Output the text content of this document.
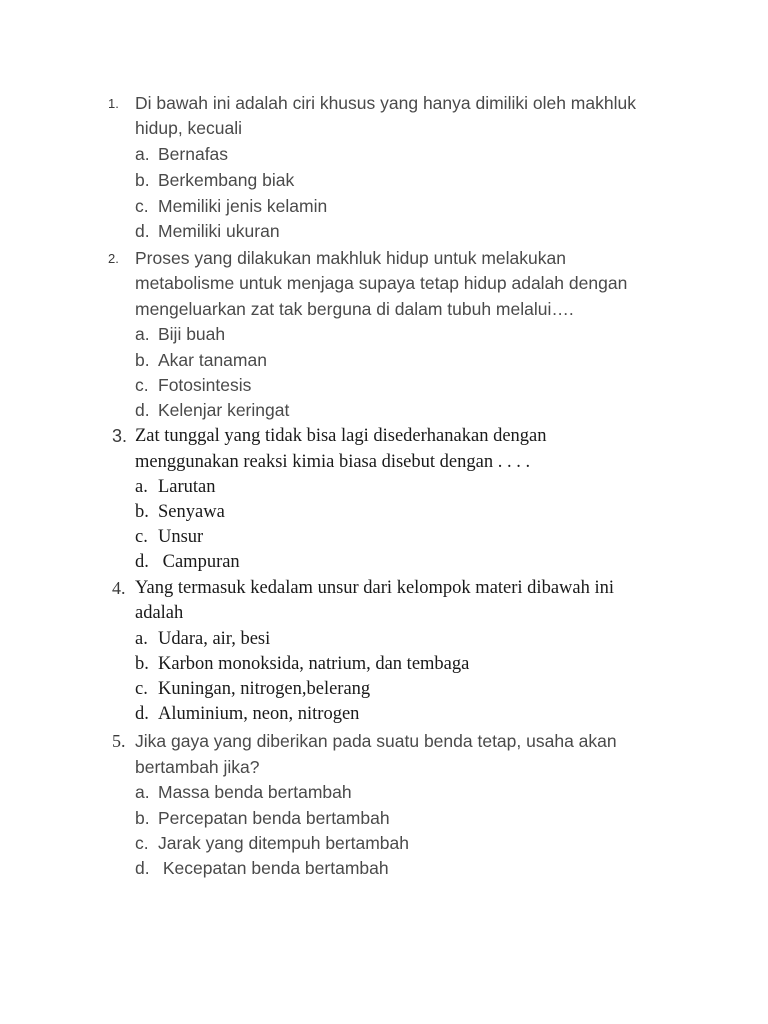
1. Di bawah ini adalah ciri khusus yang hanya dimiliki oleh makhluk
hidup, kecuali
a. Bernafas
b. Berkembang biak
c. Memiliki jenis kelamin
d. Memiliki ukuran
2. Proses yang dilakukan makhluk hidup untuk melakukan
metabolisme untuk menjaga supaya tetap hidup adalah dengan
mengeluarkan zat tak berguna di dalam tubuh melalui….
a. Biji buah
b. Akar tanaman
c. Fotosintesis
d. Kelenjar keringat
3. Zat tunggal yang tidak bisa lagi disederhanakan dengan
menggunakan reaksi kimia biasa disebut dengan . . . .
a. Larutan
b. Senyawa
c. Unsur
d. Campuran
4. Yang termasuk kedalam unsur dari kelompok materi dibawah ini
adalah
a. Udara, air, besi
b. Karbon monoksida, natrium, dan tembaga
c. Kuningan, nitrogen,belerang
d. Aluminium, neon, nitrogen
5. Jika gaya yang diberikan pada suatu benda tetap, usaha akan
bertambah jika?
a. Massa benda bertambah
b. Percepatan benda bertambah
c. Jarak yang ditempuh bertambah
d. Kecepatan benda bertambah
